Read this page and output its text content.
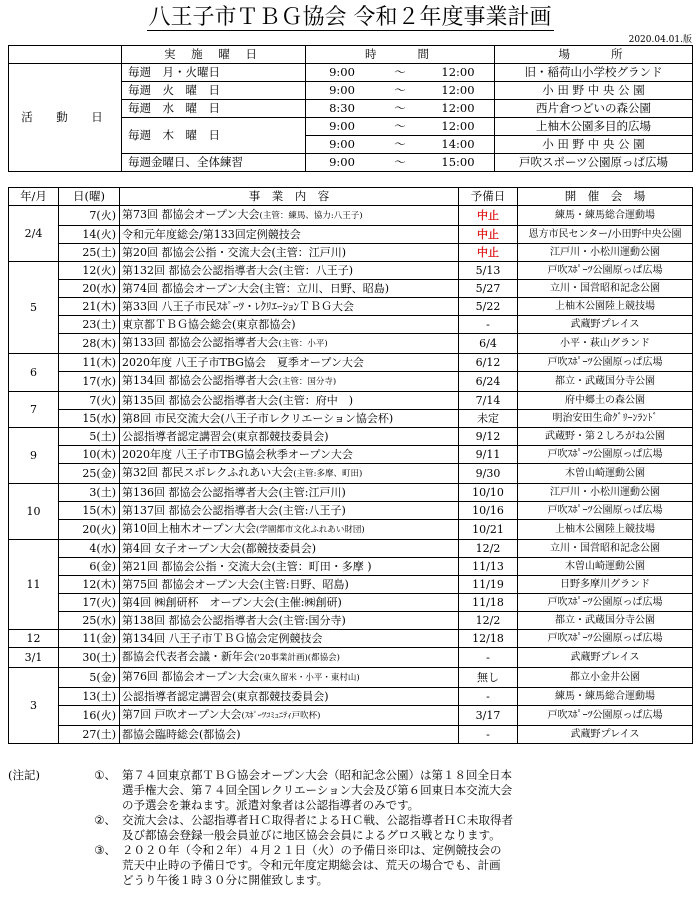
八王子市ＴＢＧ協会 令和２年度事業計画
2020.04.01.版
	実 施 曜 日	時　　間	場　　所
活　動　日	毎週　月・火曜日	9:00 ～ 12:00	旧・稲荷山小学校グランド
	毎週　火　曜　日	9:00 ～ 12:00	小 田 野 中 央 公 園
	毎週　水　曜　日	8:30 ～ 12:00	西片倉つどいの森公園
	毎週　木　曜　日	9:00 ～ 12:00	上柚木公園多目的広場
		9:00 ～ 14:00	小 田 野 中 央 公 園
	毎週金曜日、全体練習	9:00 ～ 15:00	戸吹スポーツ公園原っぱ広場
年/月	日(曜)	事　業　内　容	予備日	開　催　会　場
2/4	7(火)	第73回 都協会オープン大会(主管：練馬、協力:八王子)	中止	練馬・練馬総合運動場
	14(火)	令和元年度総会/第133回定例競技会	中止	恩方市民センター/小田野中央公園
	25(土)	第20回 都協会公指・交流大会(主管：江戸川)	中止	江戸川・小松川運動公園
5	12(火)	第132回 都協会公認指導者大会(主管：八王子)	5/13	戸吹ｽﾎﾟｰﾂ公園原っぱ広場
	20(水)	第74回 都協会オープン大会(主管：立川、日野、昭島)	5/27	立川・国営昭和記念公園
	21(木)	第33回 八王子市民ｽﾎﾟｰﾂ・ﾚｸﾘｴｰｼｮﾝＴＢＧ大会	5/22	上柚木公園陸上競技場
	23(土)	東京都ＴＢＧ協会総会(東京都協会)	-	武蔵野プレイス
	28(木)	第133回 都協会公認指導者大会(主管：小平)	6/4	小平・萩山グランド
6	11(木)	2020年度 八王子市TBG協会　夏季オープン大会	6/12	戸吹ｽﾎﾟｰﾂ公園原っぱ広場
	17(水)	第134回 都協会公認指導者大会(主管：国分寺)	6/24	都立・武蔵国分寺公園
7	7(火)	第135回 都協会公認指導者大会(主管：府中　)	7/14	府中郷土の森公園
	15(水)	第8回 市民交流大会(八王子市レクリエーション協会杯)	未定	明治安田生命ｸﾞﾘｰﾝﾗﾝﾄﾞ
9	5(土)	公認指導者認定講習会(東京都競技委員会)	9/12	武蔵野・第２しろがね公園
	10(木)	2020年度 八王子市TBG協会秋季オープン大会	9/11	戸吹ｽﾎﾟｰﾂ公園原っぱ広場
	25(金)	第32回 都民スポレクふれあい大会(主管:多摩、町田)	9/30	木曽山崎運動公園
10	3(土)	第136回 都協会公認指導者大会(主管:江戸川)	10/10	江戸川・小松川運動公園
	15(木)	第137回 都協会公認指導者大会(主管:八王子)	10/16	戸吹ｽﾎﾟｰﾂ公園原っぱ広場
	20(火)	第10回上柚木オープン大会(学園都市文化ふれあい財団)	10/21	上柚木公園陸上競技場
11	4(水)	第4回 女子オープン大会(都競技委員会)	12/2	立川・国営昭和記念公園
	6(金)	第21回 都協会公指・交流大会(主管：町田・多摩 )	11/13	木曽山崎運動公園
	12(木)	第75回 都協会オープン大会(主管:日野、昭島)	11/19	日野多摩川グランド
	17(火)	第4回 ㈱創研杯　オープン大会(主催:㈱創研)	11/18	戸吹ｽﾎﾟｰﾂ公園原っぱ広場
	25(水)	第138回 都協会公認指導者大会(主管:国分寺)	12/2	都立・武蔵国分寺公園
12	11(金)	第134回 八王子市ＴＢＧ協会定例競技会	12/18	戸吹ｽﾎﾟｰﾂ公園原っぱ広場
3/1	30(土)	都協会代表者会議・新年会('20事業計画)(都協会)	-	武蔵野プレイス
3	5(金)	第76回 都協会オープン大会(東久留米・小平・東村山)	無し	都立小金井公園
	13(土)	公認指導者認定講習会(東京都競技委員会)	-	練馬・練馬総合運動場
	16(火)	第7回 戸吹オープン大会(ｽﾎﾟｰﾂｺﾐｭﾆﾃｨ戸吹杯)	3/17	戸吹ｽﾎﾟｰﾂ公園原っぱ広場
	27(土)	都協会臨時総会(都協会)	-	武蔵野プレイス
(注記)	①、 第７４回東京都ＴＢＧ協会オープン大会（昭和記念公園）は第１８回全日本
選手権大会、第７４回全国レクリエーション大会及び第６回東日本交流大会
の予選会を兼ねます。派遣対象者は公認指導者のみです。
②、 交流大会は、公認指導者ＨＣ取得者によるＨＣ戦、公認指導者ＨＣ未取得者
及び都協会登録一般会員並びに地区協会会員によるグロス戦となります。
③、 ２０２０年（令和２年）４月２１日（火）の予備日※印は、定例競技会の
荒天中止時の予備日です。令和元年度定期総会は、荒天の場合でも、計画
どうり午後１時３０分に開催致します。
